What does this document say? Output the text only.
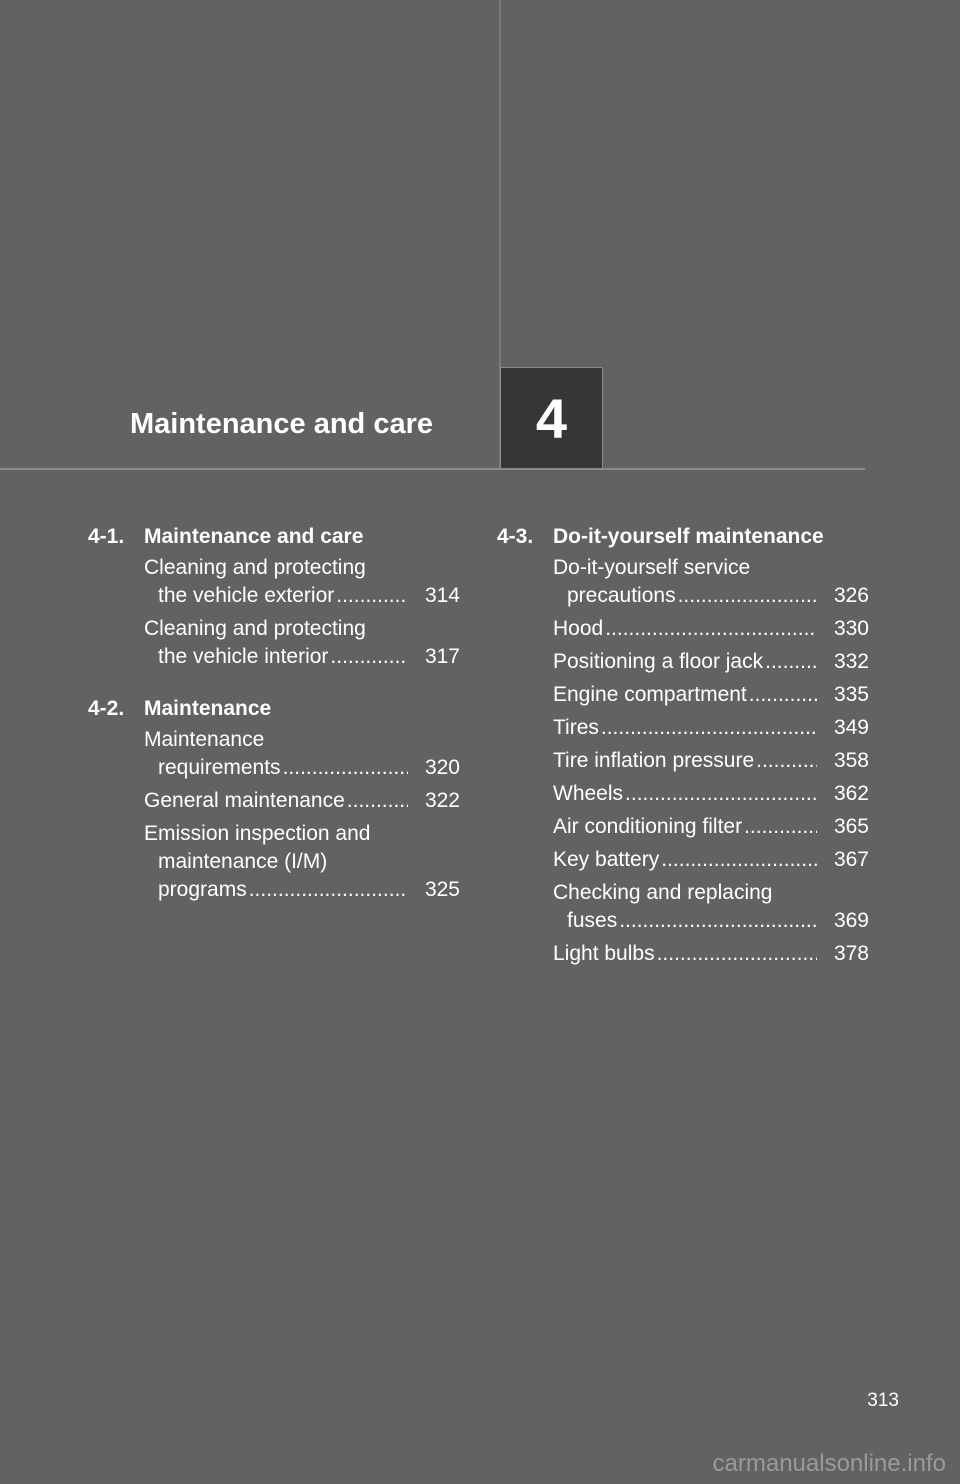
Maintenance and care 4
4-1. Maintenance and care
Cleaning and protecting
the vehicle exterior .....	314
Cleaning and protecting
the vehicle interior .....	317
4-2. Maintenance
Maintenance
requirements .....	320
General maintenance .....	322
Emission inspection and
maintenance (I/M)
programs .....	325
4-3. Do-it-yourself maintenance
Do-it-yourself service
precautions .....	326
Hood .....	330
Positioning a floor jack .....	332
Engine compartment .....	335
Tires .....	349
Tire inflation pressure .....	358
Wheels .....	362
Air conditioning filter .....	365
Key battery .....	367
Checking and replacing
fuses .....	369
Light bulbs .....	378
313
carmanualsonline.info
